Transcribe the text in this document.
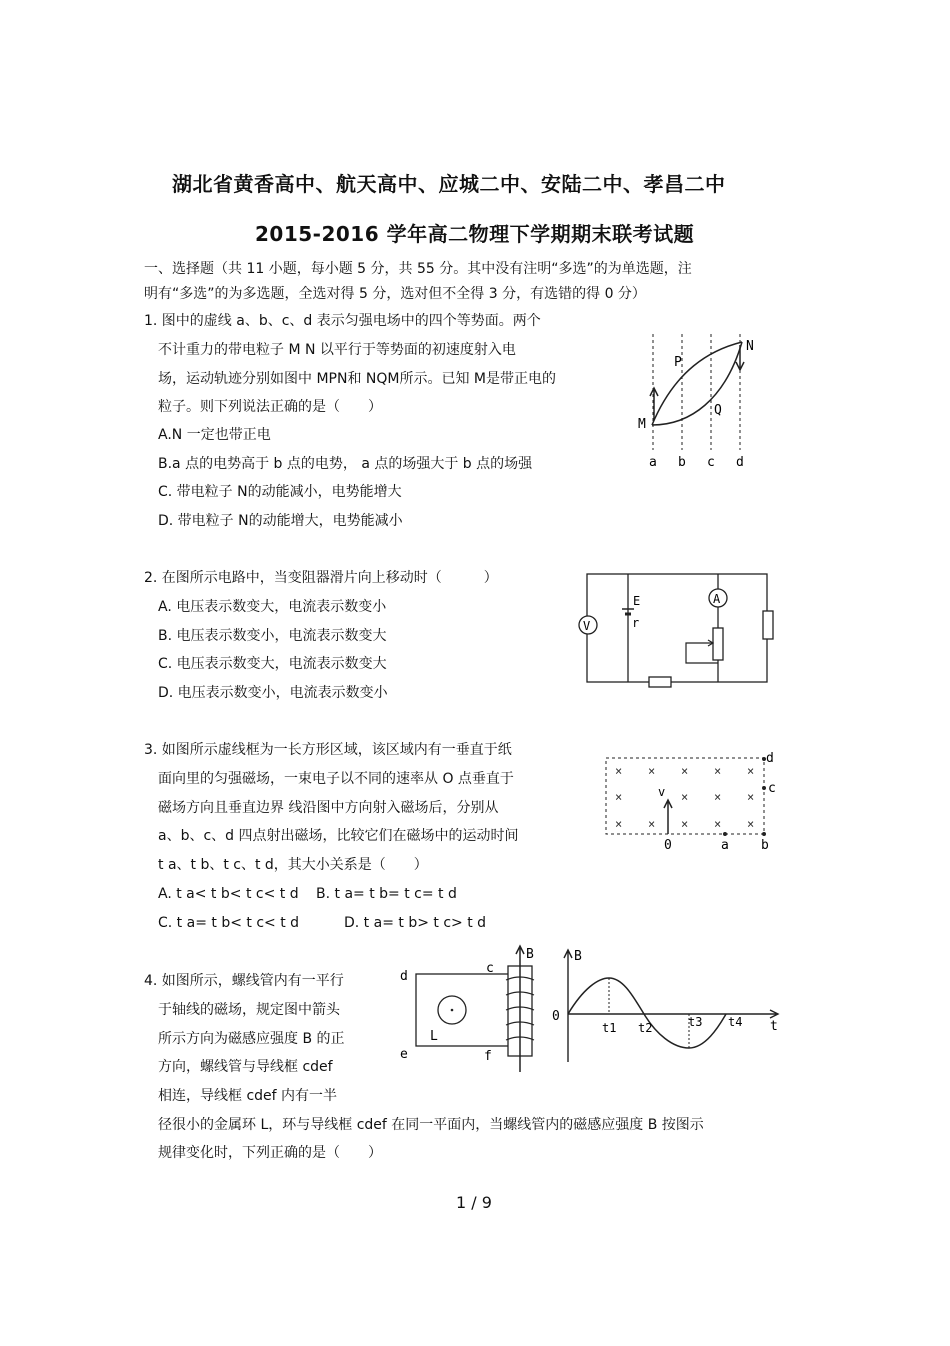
湖北省黄香高中、航天高中、应城二中、安陆二中、孝昌二中
2015-2016 学年高二物理下学期期末联考试题
一、选择题（共 11 小题，每小题 5 分，共 55 分。其中没有注明“多选”的为单选题，注
明有“多选”的为多选题，全选对得 5 分，选对但不全得 3 分，有选错的得 0 分）
1. 图中的虚线 a、b、c、d 表示匀强电场中的四个等势面。两个
不计重力的带电粒子 M N 以平行于等势面的初速度射入电
场，运动轨迹分别如图中 MPN和 NQM所示。已知 M是带正电的
粒子。则下列说法正确的是（　　）
A.N 一定也带正电
B.a 点的电势高于 b 点的电势， a 点的场强大于 b 点的场强
C. 带电粒子 N的动能减小，电势能增大
D. 带电粒子 N的动能增大，电势能减小
P
N
Q
M
a b c d
2. 在图所示电路中，当变阻器滑片向上移动时（　　　）
A. 电压表示数变大，电流表示数变小
B. 电压表示数变小，电流表示数变大
C. 电压表示数变大，电流表示数变大
D. 电压表示数变小，电流表示数变小
V
E
r
A
3. 如图所示虚线框为一长方形区域，该区域内有一垂直于纸
面向里的匀强磁场，一束电子以不同的速率从 O 点垂直于
磁场方向且垂直边界 线沿图中方向射入磁场后，分别从
a、b、c、d 四点射出磁场，比较它们在磁场中的运动时间
t a、t b、t c、t d，其大小关系是（　　）
A. t a< t b< t c< t d B. t a= t b= t c= t d
C. t a= t b< t c< t d	D. t a= t b> t c> t d
× × × × ×
×	× × ×
× × × × ×
v
d
c
0	a b
4. 如图所示，螺线管内有一平行
于轴线的磁场，规定图中箭头
所示方向为磁感应强度 B 的正
方向，螺线管与导线框 cdef
相连，导线框 cdef 内有一半
径很小的金属环 L，环与导线框 cdef 在同一平面内，当螺线管内的磁感应强度 B 按图示
规律变化时，下列正确的是（　　）
d
c
L
e	f
B	B
0
t1 t2	t3 t4 t
1 / 9
